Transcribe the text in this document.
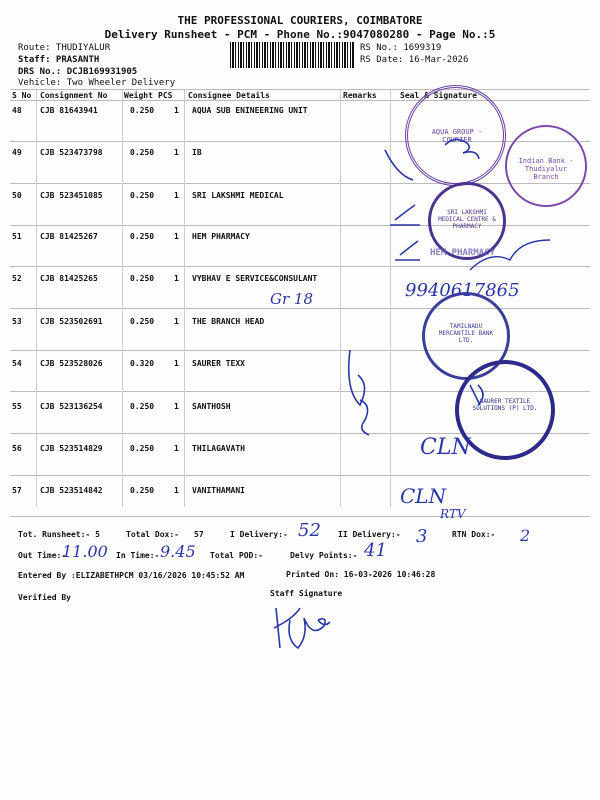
THE PROFESSIONAL COURIERS, COIMBATORE
Delivery Runsheet - PCM - Phone No.:9047080280 - Page No.:5
Route: THUDIYALUR
Staff: PRASANTH
DRS No.: DCJB169931905
Vehicle: Two Wheeler Delivery
RS No.: 1699319
RS Date: 16-Mar-2026
S No Consignment No Weight PCS Consignee Details	Remarks	Seal & Signature
48 CJB 81643941	0.250 1 AQUA SUB ENINEERING UNIT
49 CJB 523473798	0.250 1 IB
50 CJB 523451085	0.250 1 SRI LAKSHMI MEDICAL
51 CJB 81425267	0.250 1 HEM PHARMACY
52 CJB 81425265	0.250 1 VYBHAV E SERVICE&CONSULANT
53 CJB 523502691	0.250 1 THE BRANCH HEAD
54 CJB 523528026	0.320 1 SAURER TEXX
55 CJB 523136254	0.250 1 SANTHOSH
56 CJB 523514829	0.250 1 THILAGAVATH
57 CJB 523514842	0.250 1 VANITHAMANI
AQUA GROUP · COURIER
Indian Bank · Thudiyalur Branch
SRI LAKSHMI MEDICAL CENTRE & PHARMACY
HEM PHARMACY
TAMILNADU MERCANTILE BANK LTD.
SAURER TEXTILE SOLUTIONS (P) LTD.
Gr 18	9940617865
CLN
CLN
RTV
Tot. Runsheet:- 5	Total Dox:- 57	I Delivery:- 52 II Delivery:- 3	RTN Dox:- 2
Out Time:-
11.00 In Time:- 9.45 Total POD:-	Delvy Points:- 41
Entered By :ELIZABETHPCM 03/16/2026 10:45:52 AM	Printed On: 16-03-2026 10:46:28
Verified By	Staff Signature
